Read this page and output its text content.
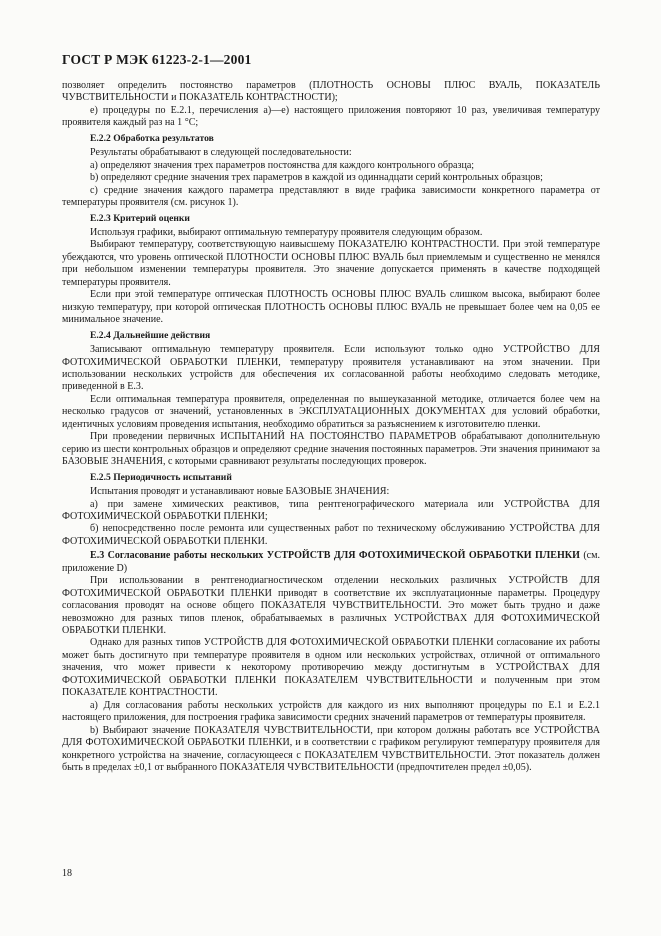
ГОСТ Р МЭК 61223-2-1—2001

позволяет определить постоянство параметров (ПЛОТНОСТЬ ОСНОВЫ ПЛЮС ВУАЛЬ, ПОКАЗАТЕЛЬ ЧУВСТВИТЕЛЬНОСТИ и ПОКАЗАТЕЛЬ КОНТРАСТНОСТИ);

е) процедуры по Е.2.1, перечисления а)—е) настоящего приложения повторяют 10 раз, увеличивая температуру проявителя каждый раз на 1 °С;

Е.2.2 Обработка результатов

Результаты обрабатывают в следующей последовательности:

а) определяют значения трех параметров постоянства для каждого контрольного образца;

b) определяют средние значения трех параметров в каждой из одиннадцати серий контрольных образцов;

с) средние значения каждого параметра представляют в виде графика зависимости конкретного параметра от температуры проявителя (см. рисунок 1).

Е.2.3 Критерий оценки

Используя графики, выбирают оптимальную температуру проявителя следующим образом.

Выбирают температуру, соответствующую наивысшему ПОКАЗАТЕЛЮ КОНТРАСТНОСТИ. При этой температуре убеждаются, что уровень оптической ПЛОТНОСТИ ОСНОВЫ ПЛЮС ВУАЛЬ был приемлемым и существенно не менялся при небольшом изменении температуры проявителя. Это значение допускается применять в качестве подходящей температуры проявителя.

Если при этой температуре оптическая ПЛОТНОСТЬ ОСНОВЫ ПЛЮС ВУАЛЬ слишком высока, выбирают более низкую температуру, при которой оптическая ПЛОТНОСТЬ ОСНОВЫ ПЛЮС ВУАЛЬ не превышает более чем на 0,05 ее минимальное значение.

Е.2.4 Дальнейшие действия

Записывают оптимальную температуру проявителя. Если используют только одно УСТРОЙСТВО ДЛЯ ФОТОХИМИЧЕСКОЙ ОБРАБОТКИ ПЛЕНКИ, температуру проявителя устанавливают на этом значении. При использовании нескольких устройств для обеспечения их согласованной работы необходимо следовать методике, приведенной в Е.3.

Если оптимальная температура проявителя, определенная по вышеуказанной методике, отличается более чем на несколько градусов от значений, установленных в ЭКСПЛУАТАЦИОННЫХ ДОКУМЕНТАХ для условий обработки, идентичных условиям проведения испытания, необходимо обратиться за разъяснением к изготовителю пленки.

При проведении первичных ИСПЫТАНИЙ НА ПОСТОЯНСТВО ПАРАМЕТРОВ обрабатывают дополнительную серию из шести контрольных образцов и определяют средние значения постоянных параметров. Эти значения принимают за БАЗОВЫЕ ЗНАЧЕНИЯ, с которыми сравнивают результаты последующих проверок.

Е.2.5 Периодичность испытаний

Испытания проводят и устанавливают новые БАЗОВЫЕ ЗНАЧЕНИЯ:

а) при замене химических реактивов, типа рентгенографического материала или УСТРОЙСТВА ДЛЯ ФОТОХИМИЧЕСКОЙ ОБРАБОТКИ ПЛЕНКИ;

б) непосредственно после ремонта или существенных работ по техническому обслуживанию УСТРОЙСТВА ДЛЯ ФОТОХИМИЧЕСКОЙ ОБРАБОТКИ ПЛЕНКИ.

Е.3 Согласование работы нескольких УСТРОЙСТВ ДЛЯ ФОТОХИМИЧЕСКОЙ ОБРАБОТКИ ПЛЕНКИ (см. приложение D)

При использовании в рентгенодиагностическом отделении нескольких различных УСТРОЙСТВ ДЛЯ ФОТОХИМИЧЕСКОЙ ОБРАБОТКИ ПЛЕНКИ приводят в соответствие их эксплуатационные параметры. Процедуру согласования проводят на основе общего ПОКАЗАТЕЛЯ ЧУВСТВИТЕЛЬНОСТИ. Это может быть трудно и даже невозможно для разных типов пленок, обрабатываемых в различных УСТРОЙСТВАХ ДЛЯ ФОТОХИМИЧЕСКОЙ ОБРАБОТКИ ПЛЕНКИ.

Однако для разных типов УСТРОЙСТВ ДЛЯ ФОТОХИМИЧЕСКОЙ ОБРАБОТКИ ПЛЕНКИ согласование их работы может быть достигнуто при температуре проявителя в одном или нескольких устройствах, отличной от оптимального значения, что может привести к некоторому противоречию между достигнутым в УСТРОЙСТВАХ ДЛЯ ФОТОХИМИЧЕСКОЙ ОБРАБОТКИ ПЛЕНКИ ПОКАЗАТЕЛЕМ ЧУВСТВИТЕЛЬНОСТИ и полученным при этом ПОКАЗАТЕЛЕ КОНТРАСТНОСТИ.

а) Для согласования работы нескольких устройств для каждого из них выполняют процедуры по Е.1 и Е.2.1 настоящего приложения, для построения графика зависимости средних значений параметров от температуры проявителя.

b) Выбирают значение ПОКАЗАТЕЛЯ ЧУВСТВИТЕЛЬНОСТИ, при котором должны работать все УСТРОЙСТВА ДЛЯ ФОТОХИМИЧЕСКОЙ ОБРАБОТКИ ПЛЕНКИ, и в соответствии с графиком регулируют температуру проявителя для конкретного устройства на значение, согласующееся с ПОКАЗАТЕЛЕМ ЧУВСТВИТЕЛЬНОСТИ. Этот показатель должен быть в пределах ±0,1 от выбранного ПОКАЗАТЕЛЯ ЧУВСТВИТЕЛЬНОСТИ (предпочтителен предел ±0,05).

18
